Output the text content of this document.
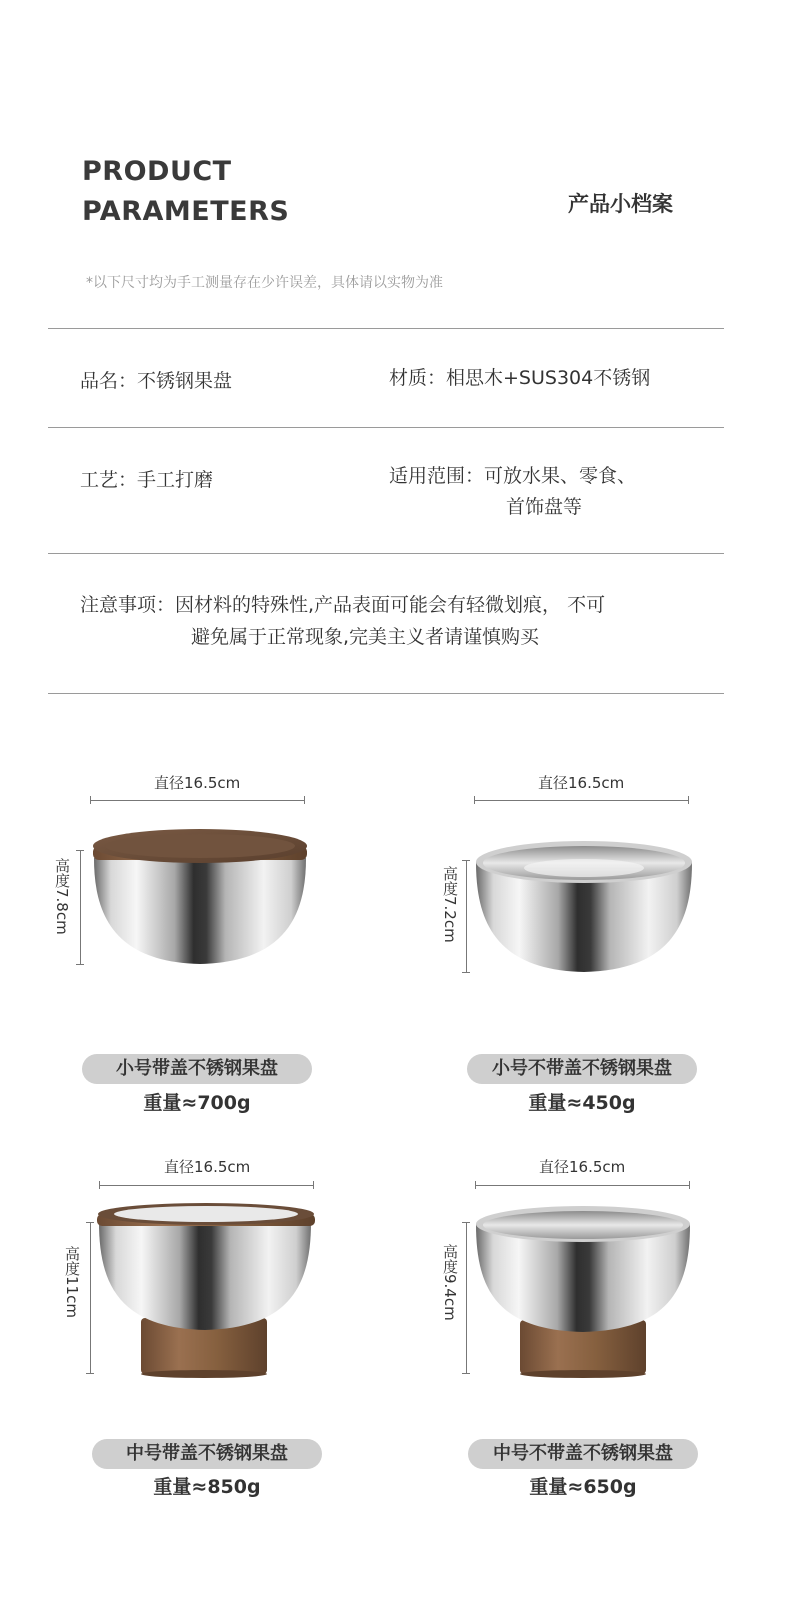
PRODUCT
PARAMETERS	产品小档案
*以下尺寸均为手工测量存在少许误差，具体请以实物为准
品名：不锈钢果盘	材质：相思木+SUS304不锈钢
工艺：手工打磨	适用范围：可放水果、零食、
首饰盘等
注意事项：因材料的特殊性,产品表面可能会有轻微划痕， 不可
避免属于正常现象,完美主义者请谨慎购买
直径16.5cm
高度7.8cm
小号带盖不锈钢果盘
重量≈700g
直径16.5cm
高度7.2cm
小号不带盖不锈钢果盘
重量≈450g
直径16.5cm
高度11cm
中号带盖不锈钢果盘
重量≈850g
直径16.5cm
高度9.4cm
中号不带盖不锈钢果盘
重量≈650g
